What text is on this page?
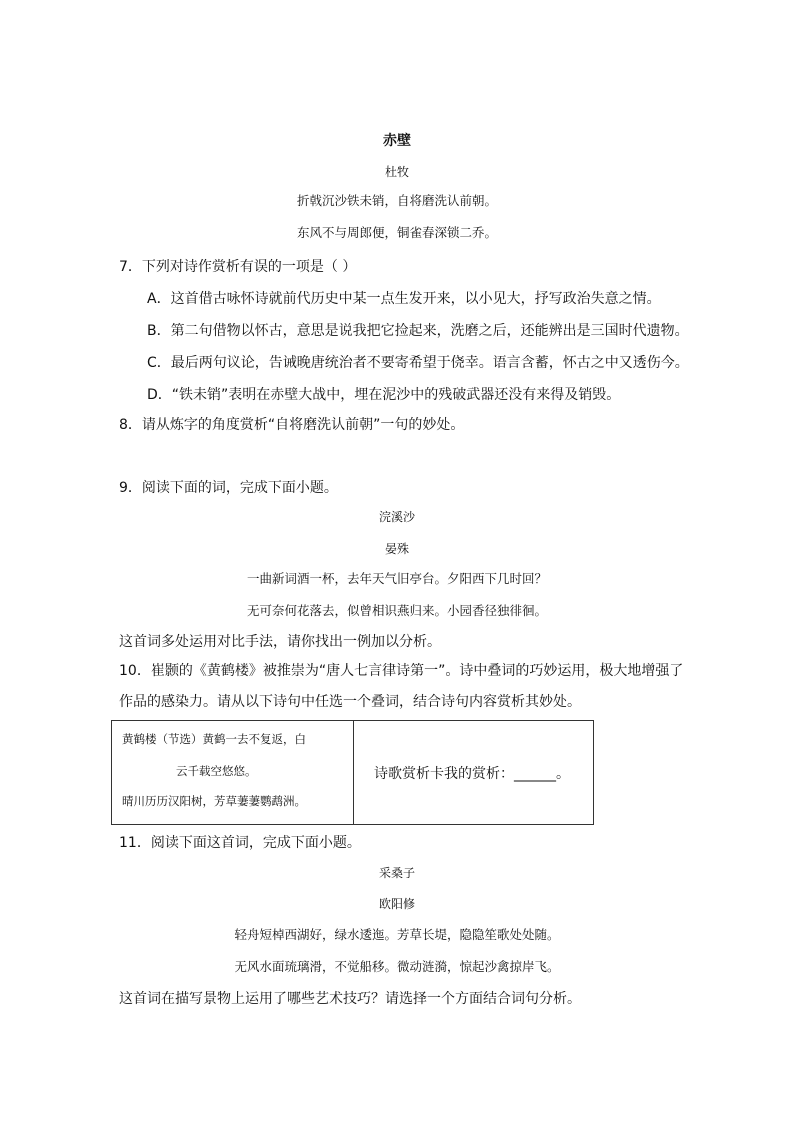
赤壁
杜牧
折戟沉沙铁未销，自将磨洗认前朝。
东风不与周郎便，铜雀春深锁二乔。
7．下列对诗作赏析有误的一项是（ ）
A．这首借古咏怀诗就前代历史中某一点生发开来，以小见大，抒写政治失意之情。
B．第二句借物以怀古，意思是说我把它捡起来，洗磨之后，还能辨出是三国时代遗物。
C．最后两句议论，告诫晚唐统治者不要寄希望于侥幸。语言含蓄，怀古之中又透伤今。
D．“铁未销”表明在赤壁大战中，埋在泥沙中的残破武器还没有来得及销毁。
8．请从炼字的角度赏析“自将磨洗认前朝”一句的妙处。
9．阅读下面的词，完成下面小题。
浣溪沙
晏殊
一曲新词酒一杯，去年天气旧亭台。夕阳西下几时回？
无可奈何花落去，似曾相识燕归来。小园香径独徘徊。
这首词多处运用对比手法，请你找出一例加以分析。
10．崔颢的《黄鹤楼》被推崇为“唐人七言律诗第一”。诗中叠词的巧妙运用，极大地增强了
作品的感染力。请从以下诗句中任选一个叠词，结合诗句内容赏析其妙处。
黄鹤楼（节选）黄鹤一去不复返，白
云千载空悠悠。
晴川历历汉阳树，芳草萋萋鹦鹉洲。
诗歌赏析卡我的赏析：______。
11．阅读下面这首词，完成下面小题。
采桑子
欧阳修
轻舟短棹西湖好，绿水逶迤。芳草长堤，隐隐笙歌处处随。
无风水面琉璃滑，不觉船移。微动涟漪，惊起沙禽掠岸飞。
这首词在描写景物上运用了哪些艺术技巧？请选择一个方面结合词句分析。
